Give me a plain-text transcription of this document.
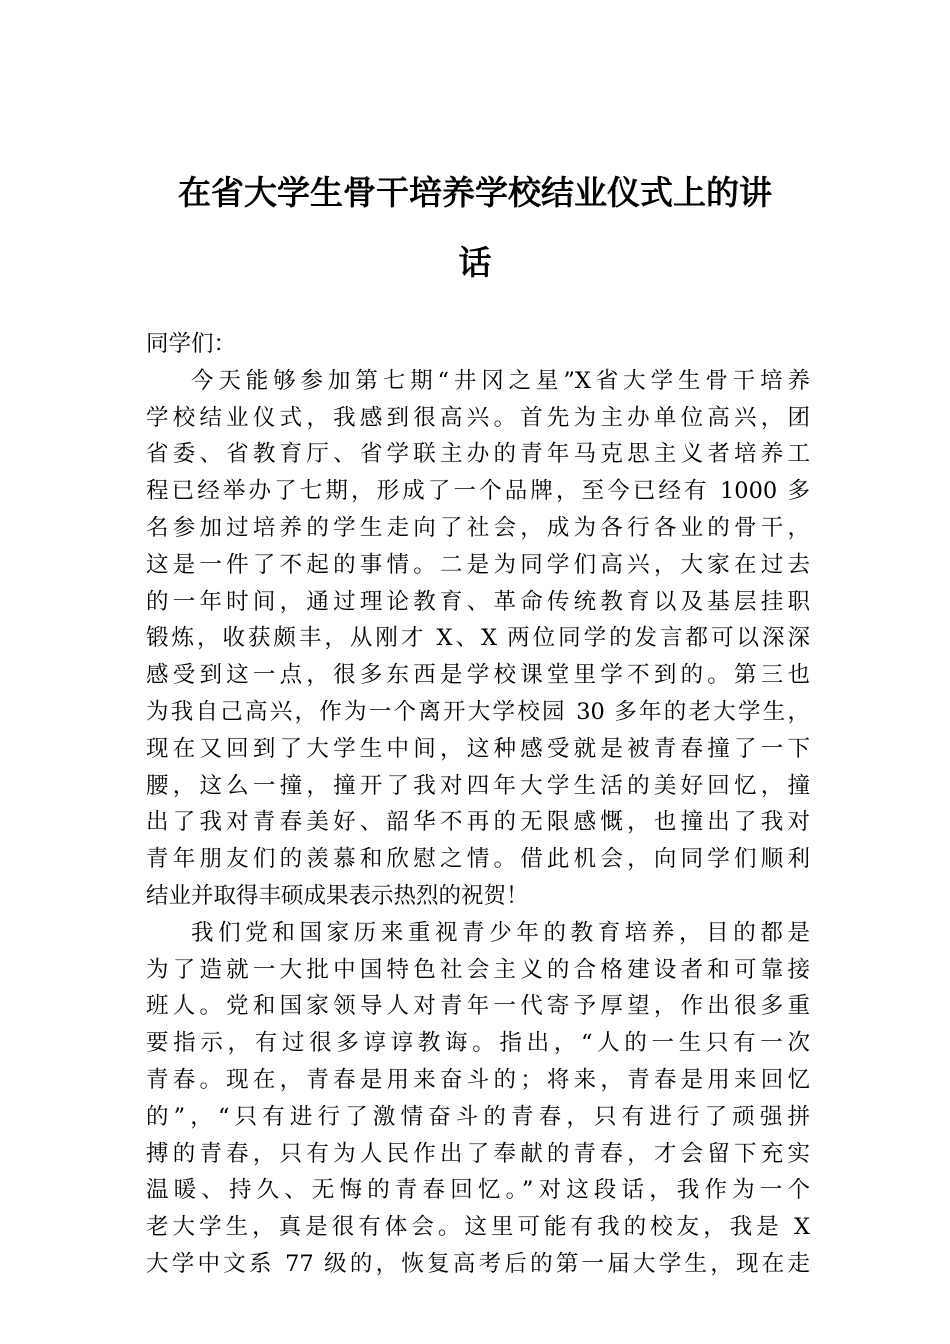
在省大学生骨干培养学校结业仪式上的讲
话
同学们：
今天能够参加第七期“井冈之星”X省大学生骨干培养
学校结业仪式，我感到很高兴。首先为主办单位高兴，团
省委、省教育厅、省学联主办的青年马克思主义者培养工
程已经举办了七期，形成了一个品牌，至今已经有 1000 多
名参加过培养的学生走向了社会，成为各行各业的骨干，
这是一件了不起的事情。二是为同学们高兴，大家在过去
的一年时间，通过理论教育、革命传统教育以及基层挂职
锻炼，收获颇丰，从刚才 X、X 两位同学的发言都可以深深
感受到这一点，很多东西是学校课堂里学不到的。第三也
为我自己高兴，作为一个离开大学校园 30 多年的老大学生，
现在又回到了大学生中间，这种感受就是被青春撞了一下
腰，这么一撞，撞开了我对四年大学生活的美好回忆，撞
出了我对青春美好、韶华不再的无限感慨，也撞出了我对
青年朋友们的羡慕和欣慰之情。借此机会，向同学们顺利
结业并取得丰硕成果表示热烈的祝贺！
我们党和国家历来重视青少年的教育培养，目的都是
为了造就一大批中国特色社会主义的合格建设者和可靠接
班人。党和国家领导人对青年一代寄予厚望，作出很多重
要指示，有过很多谆谆教诲。指出，“人的一生只有一次
青春。现在，青春是用来奋斗的；将来，青春是用来回忆
的”，“只有进行了激情奋斗的青春，只有进行了顽强拼
搏的青春，只有为人民作出了奉献的青春，才会留下充实
温暖、持久、无悔的青春回忆。”对这段话，我作为一个
老大学生，真是很有体会。这里可能有我的校友，我是 X
大学中文系 77 级的，恢复高考后的第一届大学生，现在走
